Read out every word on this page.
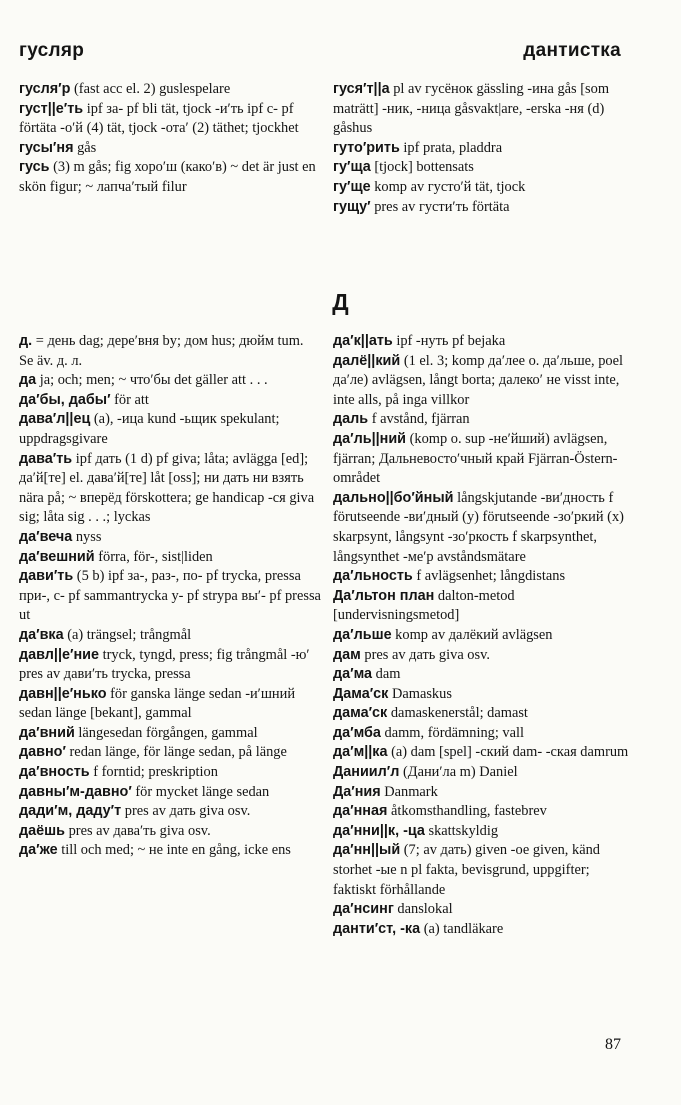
гусляр	дантистка

гусля′р (fast acc el. 2) guslespelare

густ||е′ть ipf за- pf bli tät, tjock -и′ть ipf с- pf förtäta -о′й (4) tät, tjock -ота′ (2) täthet; tjockhet

гусы′ня gås

гусь (3) m gås; fig хоро′ш (како′в) ~ det är just en skön figur; ~ лапча′тый filur

гуся′т||а pl av гусёнок gässling -ина gås [som maträtt] -ник, -ница gåsvakt|are, -erska -ня (d) gåshus

гуто′рить ipf prata, pladdra

гу′ща [tjock] bottensats

гу′ще komp av густо′й tät, tjock

гущу′ pres av густи′ть förtäta

Д

д. = день dag; дере′вня by; дом hus; дюйм tum. Se äv. д. л.

да ja; och; men; ~ что′бы det gäller att . . .

да′бы, дабы′ för att

дава′л||ец (a), -ица kund -ьщик spekulant; uppdragsgivare

дава′ть ipf дать (1 d) pf giva; låta; avlägga [ed]; да′й[те] el. дава′й[те] låt [oss]; ни дать ни взять nära på; ~ вперёд förskottera; ge handicap -ся giva sig; låta sig . . .; lyckas

да′веча nyss

да′вешний förra, för-, sist|liden

дави′ть (5 b) ipf за-, раз-, по- pf trycka, pressa при-, с- pf sammantrycka у- pf strypa вы′- pf pressa ut

да′вка (a) trängsel; trångmål

давл||е′ние tryck, tyngd, press; fig trångmål -ю′ pres av дави′ть trycka, pressa

давн||е′нько för ganska länge sedan -и′шний sedan länge [bekant], gammal

да′вний längesedan förgången, gammal

давно′ redan länge, för länge sedan, på länge

да′вность f forntid; preskription

давны′м-давно′ för mycket länge sedan

дади′м, даду′т pres av дать giva osv.

даёшь pres av дава′ть giva osv.

да′же till och med; ~ не inte en gång, icke ens

да′к||ать ipf -нуть pf bejaka

далё||кий (1 el. 3; komp да′лее o. да′льше, poel да′ле) avlägsen, långt borta; далеко′ не visst inte, inte alls, på inga villkor

даль f avstånd, fjärran

да′ль||ний (komp o. sup -не′йший) avlägsen, fjärran; Дальневосто′чный край Fjärran-Östern-området

дально||бо′йный långskjutande -ви′дность f förutseende -ви′дный (y) förutseende -зо′ркий (x) skarpsynt, långsynt -зо′ркость f skarpsynthet, långsynthet -ме′р avståndsmätare

да′льность f avlägsenhet; långdistans

Да′льтон план dalton-metod [undervisningsmetod]

да′льше komp av далёкий avlägsen

дам pres av дать giva osv.

да′ма dam

Дама′ск Damaskus

дама′ск damaskenerstål; damast

да′мба damm, fördämning; vall

да′м||ка (a) dam [spel] -ский dam- -ская damrum

Даниил′л (Дани′ла m) Daniel

Да′ния Danmark

да′нная åtkomsthandling, fastebrev

да′нни||к, -ца skattskyldig

да′нн||ый (7; av дать) given -ое given, känd storhet -ые n pl fakta, bevisgrund, uppgifter; faktiskt förhållande

да′нсинг danslokal

данти′ст, -ка (a) tandläkare

87
